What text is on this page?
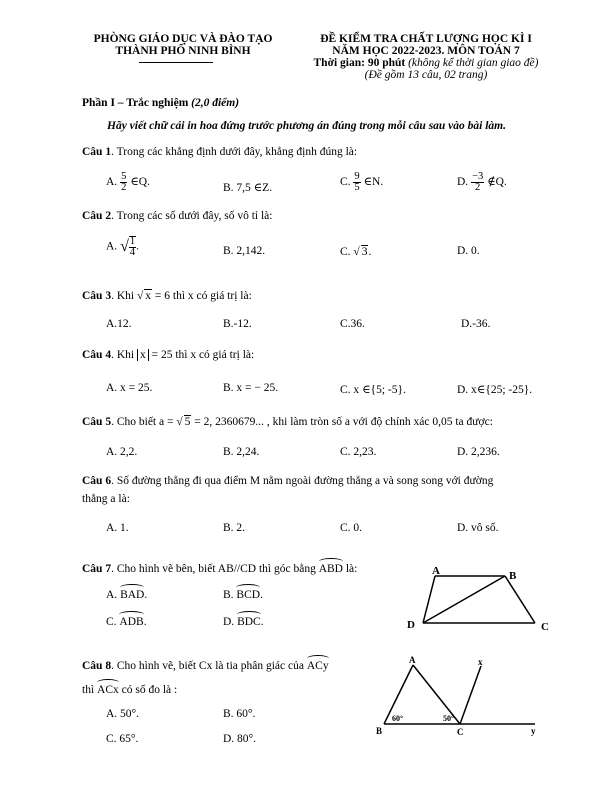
PHÒNG GIÁO DỤC VÀ ĐÀO TẠO
THÀNH PHỐ NINH BÌNH
ĐỀ KIỂM TRA CHẤT LƯỢNG HỌC KÌ I
NĂM HỌC 2022-2023. MÔN TOÁN 7
Thời gian: 90 phút (không kể thời gian giao đề)
(Đề gồm 13 câu, 02 trang)
Phần I – Trắc nghiệm (2,0 điểm)
Hãy viết chữ cái in hoa đứng trước phương án đúng trong mỗi câu sau vào bài làm.
Câu 1. Trong các khẳng định dưới đây, khẳng định đúng là:
A. $\frac{5}{2}$ ∈Q.	B. 7,5 ∈Z.	C. $\frac{9}{5}$ ∈N.	D. $\frac{-3}{2}$ ∉Q.
Câu 2. Trong các số dưới đây, số vô tỉ là:
A. √ $\frac{1}{4}$ .	B. 2,142.	C. √ 3.	D. 0.
Câu 3. Khi √ x = 6 thì x có giá trị là:
A.12.	B.-12.	C.36.	D.-36.
Câu 4. Khi x = 25 thì x có giá trị là:
A. x = 25.	B. x = − 25.	C. x ∈{5; -5}.	D. x∈{25; -25}.
Câu 5. Cho biết a = √ 5 = 2, 2360679... , khi làm tròn số a với độ chính xác 0,05 ta được:
A. 2,2.	B. 2,24.	C. 2,23.	D. 2,236.
Câu 6. Số đường thẳng đi qua điểm M nằm ngoài đường thẳng a và song song với đường
thẳng a là:
A. 1.	B. 2.	C. 0.	D. vô số.
Câu 7. Cho hình vẽ bên, biết AB//CD thì góc bằng ABD là:
A. BAD.	B. BCD.
C. ADB.	D. BDC.
A	B
D	C
Câu 8. Cho hình vẽ, biết Cx là tia phân giác của ACy
thì ACx có số đo là :
A. 50°.	B. 60°.
C. 65°.	D. 80°.
A	x
B	C	y
60°	50°
